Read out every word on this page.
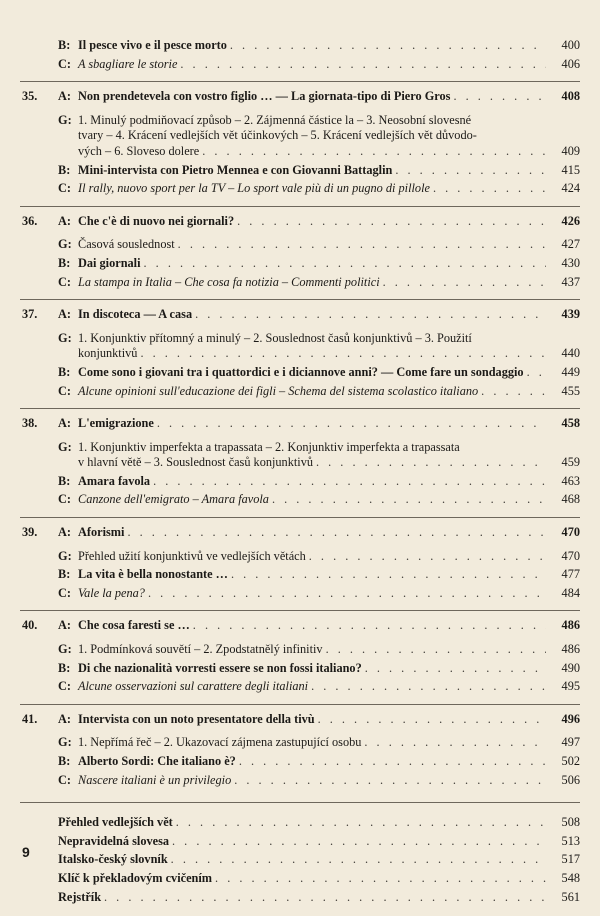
B: Il pesce vivo e il pesce morto . . .	400
C: A sbagliare le storie . . .	406
35.	A: Non prendetevela con vostro figlio … — La giornata-tipo di Piero Gros . . .	408
G: 1. Minulý podmiňovací způsob – 2. Zájmenná částice la – 3. Neosobní slovesné
tvary – 4. Krácení vedlejších vět účinkových – 5. Krácení vedlejších vět důvodo-
vých – 6. Sloveso dolere . . .	409
B: Mini-intervista con Pietro Mennea e con Giovanni Battaglin . . .	415
C: Il rally, nuovo sport per la TV – Lo sport vale più di un pugno di pillole . . .	424
36.	A: Che c'è di nuovo nei giornali? . . .	426
G: Časová souslednost . . .	427
B: Dai giornali . . .	430
C: La stampa in Italia – Che cosa fa notizia – Commenti politici . . .	437
37.	A: In discoteca — A casa . . .	439
G: 1. Konjunktiv přítomný a minulý – 2. Souslednost časů konjunktivů – 3. Použití
konjunktivů . . .	440
B: Come sono i giovani tra i quattordici e i diciannove anni? — Come fare un sondaggio . . .	449
C: Alcune opinioni sull'educazione dei figli – Schema del sistema scolastico italiano . . .	455
38.	A: L'emigrazione . . .	458
G: 1. Konjunktiv imperfekta a trapassata – 2. Konjunktiv imperfekta a trapassata
v hlavní větě – 3. Souslednost časů konjunktivů . . .	459
B: Amara favola . . .	463
C: Canzone dell'emigrato – Amara favola . . .	468
39.	A: Aforismi . . .	470
G: Přehled užití konjunktivů ve vedlejších větách . . .	470
B: La vita è bella nonostante … . . .	477
C: Vale la pena? . . .	484
40.	A: Che cosa faresti se … . . .	486
G: 1. Podmínková souvětí – 2. Zpodstatnělý infinitiv . . .	486
B: Di che nazionalità vorresti essere se non fossi italiano? . . .	490
C: Alcune osservazioni sul carattere degli italiani . . .	495
41.	A: Intervista con un noto presentatore della tivù . . .	496
G: 1. Nepřímá řeč – 2. Ukazovací zájmena zastupující osobu . . .	497
B: Alberto Sordi: Che italiano è? . . .	502
C: Nascere italiani è un privilegio . . .	506
Přehled vedlejších vět . . .	508
Nepravidelná slovesa . . .	513
Italsko-český slovník . . .	517
Klíč k překladovým cvičením . . .	548
Rejstřík . . .	561
9
